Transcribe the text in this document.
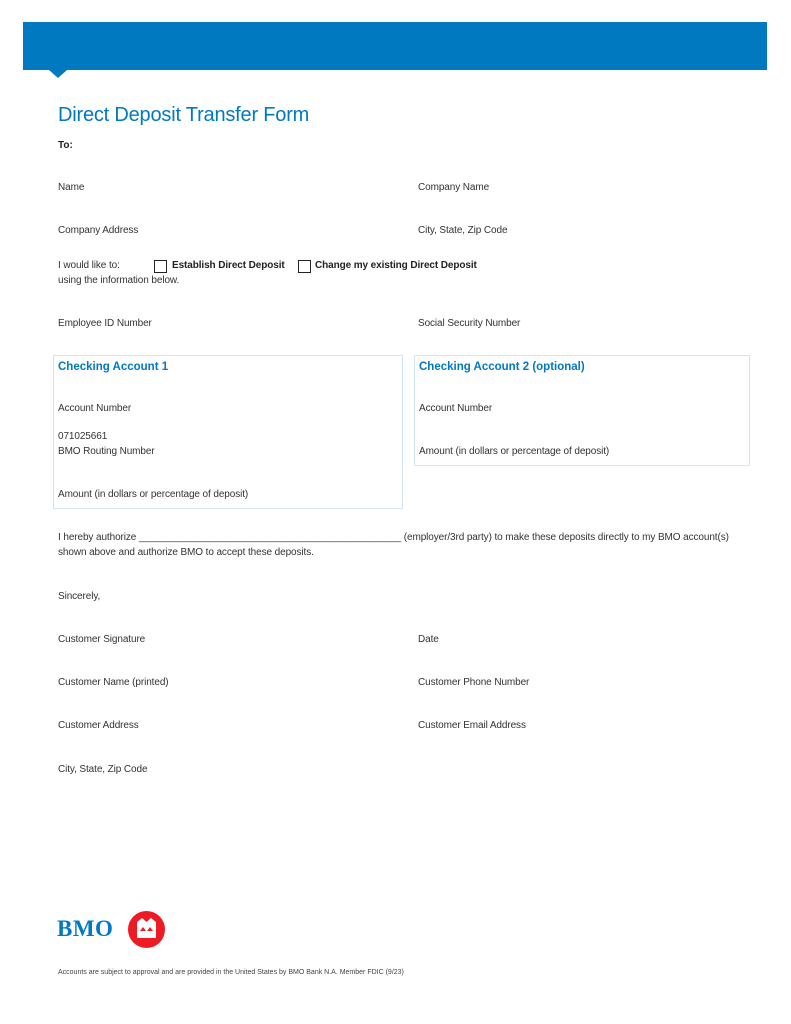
Direct Deposit Transfer Form
To:
Name	Company Name
Company Address	City, State, Zip Code
I would like to:	Establish Direct Deposit	Change my existing Direct Deposit
using the information below.
Employee ID Number	Social Security Number
Checking Account 1
Account Number
071025661
BMO Routing Number
Amount (in dollars or percentage of deposit)
Checking Account 2 (optional)
Account Number
Amount (in dollars or percentage of deposit)
I hereby authorize ________________________________________________ (employer/3rd party) to make these deposits directly to my BMO account(s)
shown above and authorize BMO to accept these deposits.
Sincerely,
Customer Signature	Date
Customer Name (printed)	Customer Phone Number
Customer Address	Customer Email Address
City, State, Zip Code
BMO
Accounts are subject to approval and are provided in the United States by BMO Bank N.A. Member FDIC (9/23)
